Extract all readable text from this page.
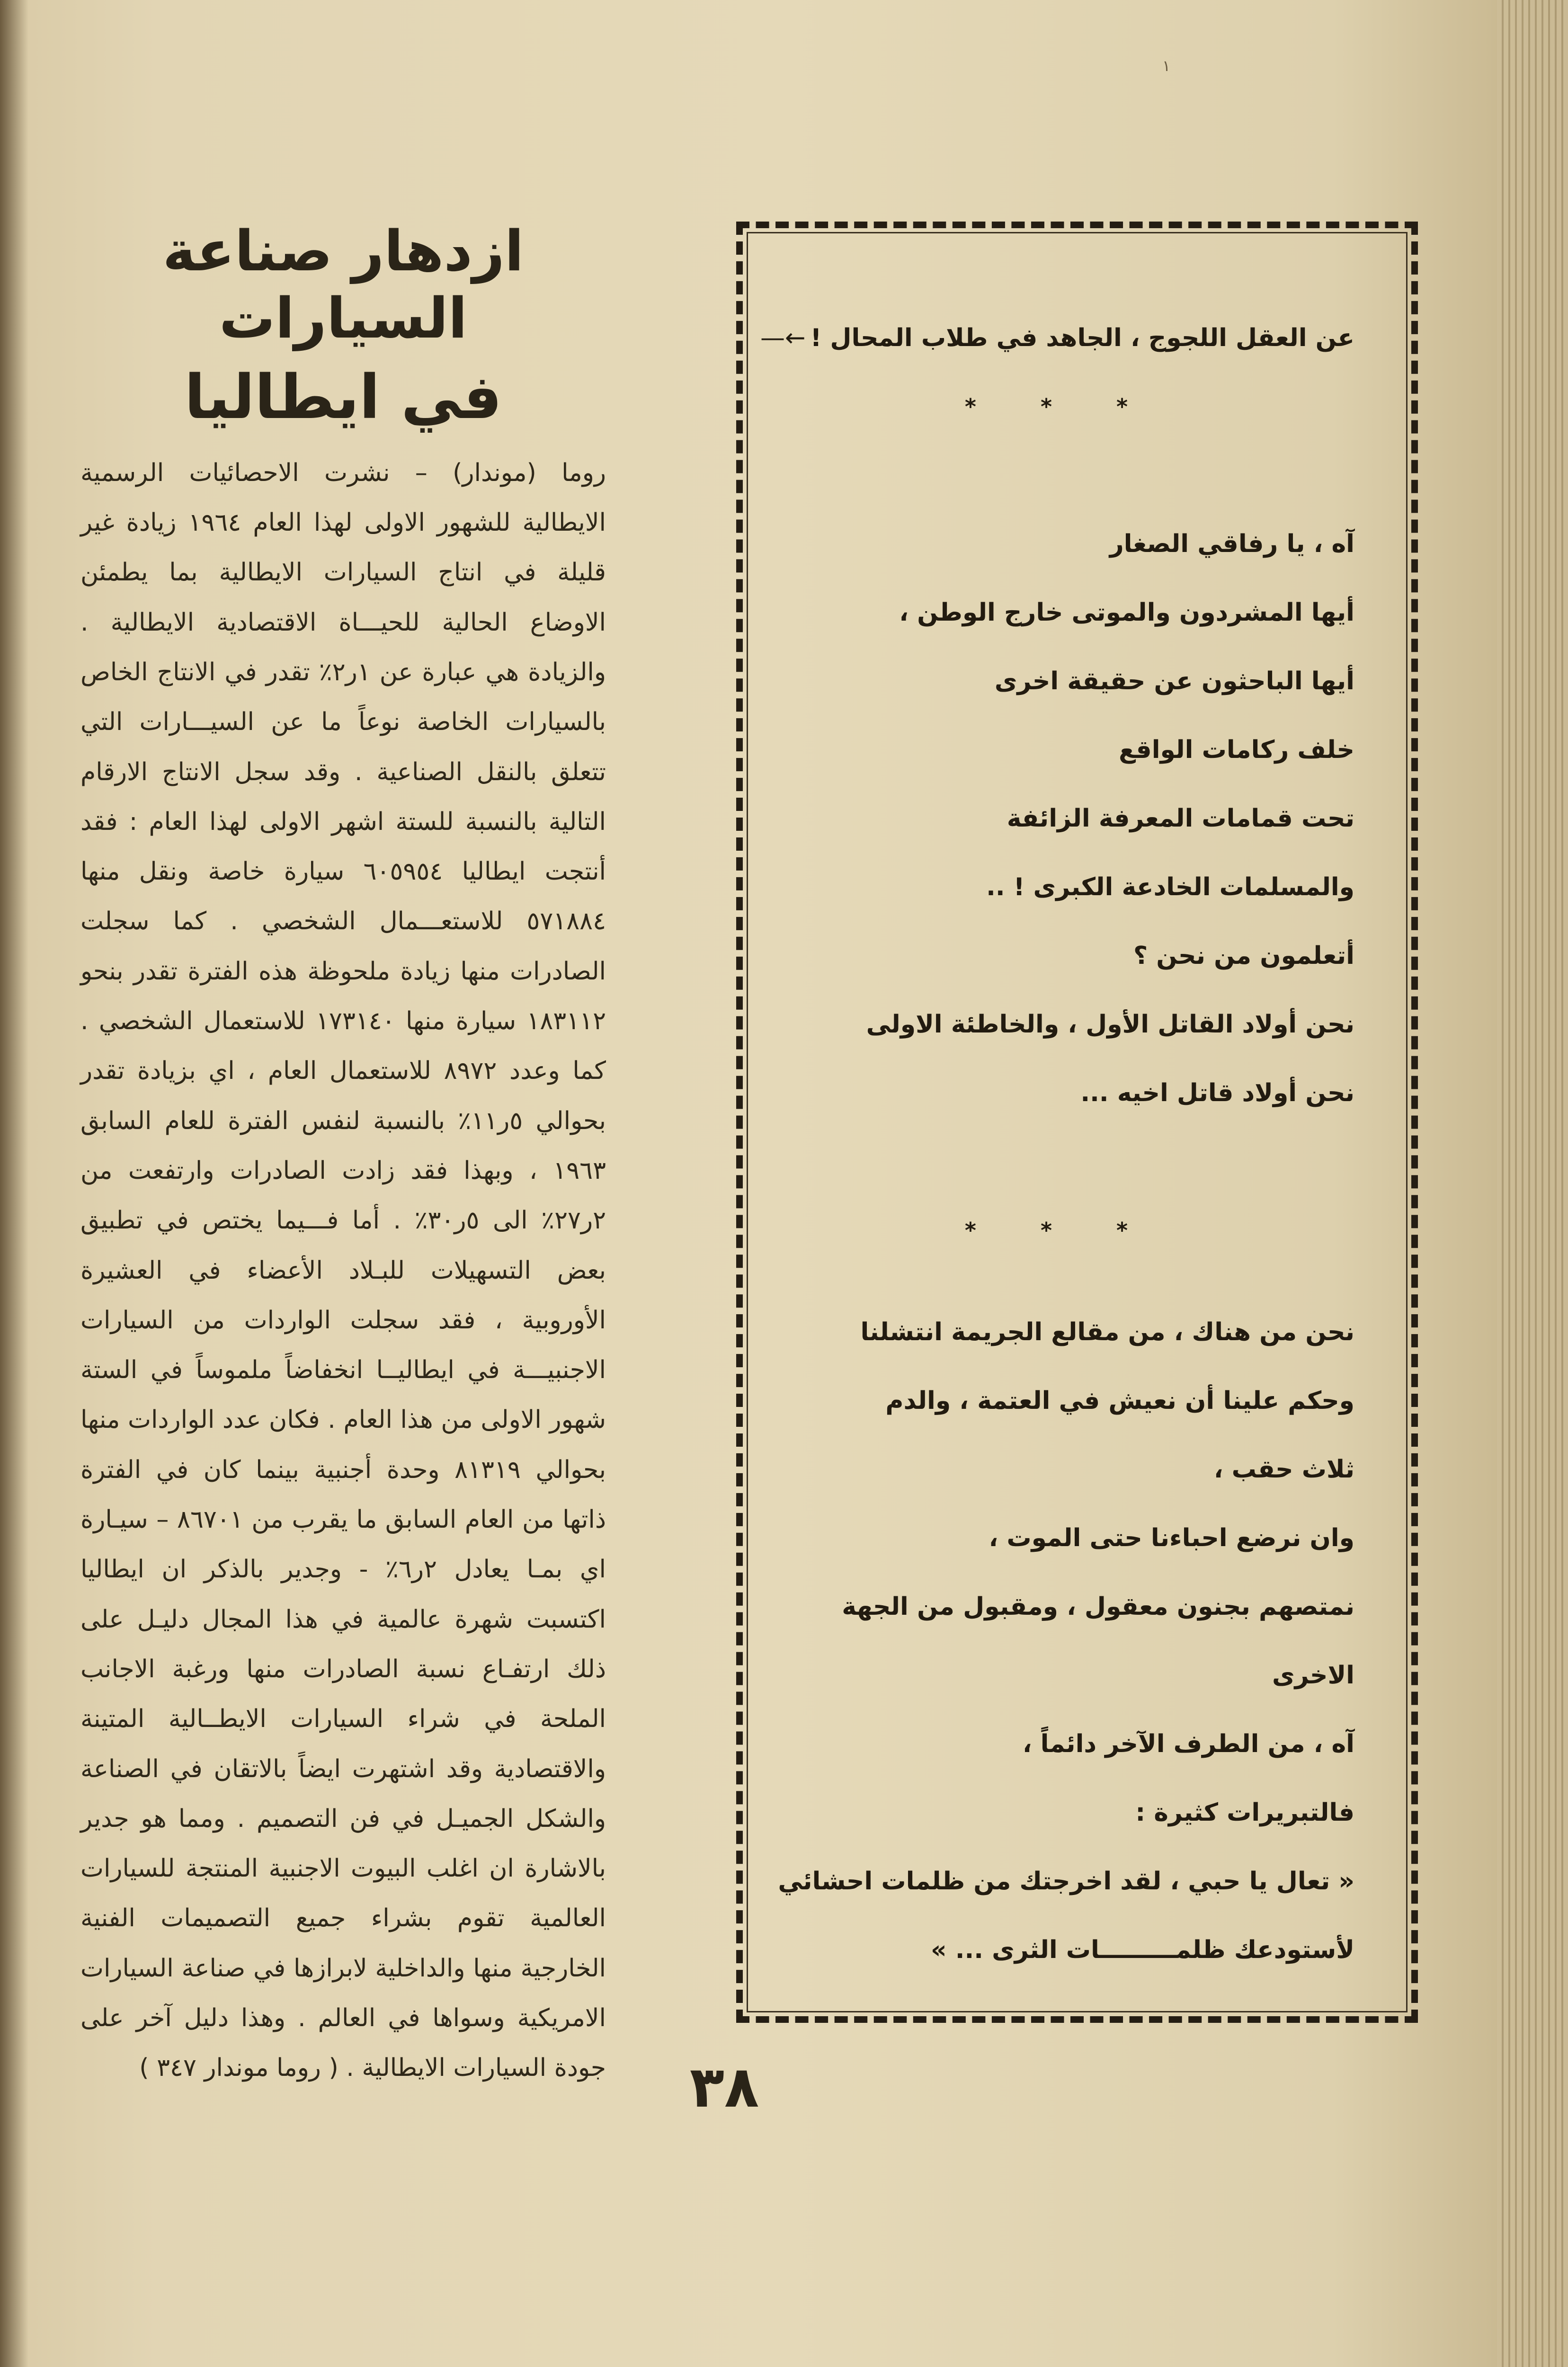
١
ازدهار صناعة السيارات
في ايطاليا

روما (موندار) – نشرت الاحصائيات الرسمية الايطالية للشهور الاولى لهذا العام ١٩٦٤ زيادة غير قليلة في انتاج السيارات الايطالية بما يطمئن الاوضاع الحالية للحيـــاة الاقتصادية الايطالية . والزيادة هي عبارة عن ١ر٢٪ تقدر في الانتاج الخاص بالسيارات الخاصة نوعاً ما عن السيـــارات التي تتعلق بالنقل الصناعية . وقد سجل الانتاج الارقام التالية بالنسبة للستة اشهر الاولى لهذا العام : فقد أنتجت ايطاليا ٦٠٥٩٥٤ سيارة خاصة ونقل منها ٥٧١٨٨٤ للاستعـــمال الشخصي . كما سجلت الصادرات منها زيادة ملحوظة هذه الفترة تقدر بنحو ١٨٣١١٢ سيارة منها ١٧٣١٤٠ للاستعمال الشخصي . كما وعدد ٨٩٧٢ للاستعمال العام ، اي بزيادة تقدر بحوالي ٥ر١١٪ بالنسبة لنفس الفترة للعام السابق ١٩٦٣ ، وبهذا فقد زادت الصادرات وارتفعت من ٢ر٢٧٪ الى ٥ر٣٠٪ . أما فـــيما يختص في تطبيق بعض التسهيلات للبـلاد الأعضاء في العشيرة الأوروبية ، فقد سجلت الواردات من السيارات الاجنبيـــة في ايطاليــا انخفاضاً ملموساً في الستة شهور الاولى من هذا العام . فكان عدد الواردات منها بحوالي ٨١٣١٩ وحدة أجنبية بينما كان في الفترة ذاتها من العام السابق ما يقرب من ٨٦٧٠١ – سيـارة اي بمـا يعادل ٢ر٦٪ - وجدير بالذكر ان ايطاليا اكتسبت شهرة عالمية في هذا المجال دليـل على ذلك ارتفـاع نسبة الصادرات منها ورغبة الاجانب الملحة في شراء السيارات الايطــالية المتينة والاقتصادية وقد اشتهرت ايضاً بالاتقان في الصناعة والشكل الجميـل في فن التصميم . ومما هو جدير بالاشارة ان اغلب البيوت الاجنبية المنتجة للسيارات العالمية تقوم بشراء جميع التصميمات الفنية الخارجية منها والداخلية لابرازها في صناعة السيارات الامريكية وسواها في العالم . وهذا دليل آخر على جودة السيارات الايطالية . ( روما موندار ٣٤٧ )

عن العقل اللجوج ، الجاهد في طلاب المحال !
←—
* * *
آه ، يا رفاقي الصغار
أيها المشردون والموتى خارج الوطن ،
أيها الباحثون عن حقيقة اخرى
خلف ركامات الواقع
تحت قمامات المعرفة الزائفة
والمسلمات الخادعة الكبرى ! ..
أتعلمون من نحن ؟
نحن أولاد القاتل الأول ، والخاطئة الاولى
نحن أولاد قاتل اخيه ...
* * *
نحن من هناك ، من مقالع الجريمة انتشلنا
وحكم علينا أن نعيش في العتمة ، والدم
ثلاث حقب ،
وان نرضع احباءنا حتى الموت ،
نمتصهم بجنون معقول ، ومقبول من الجهة
الاخرى
آه ، من الطرف الآخر دائماً ،
فالتبريرات كثيرة :
« تعال يا حبي ، لقد اخرجتك من ظلمات احشائي
لأستودعك ظلمـــــــــات الثرى ... »
٣٨
